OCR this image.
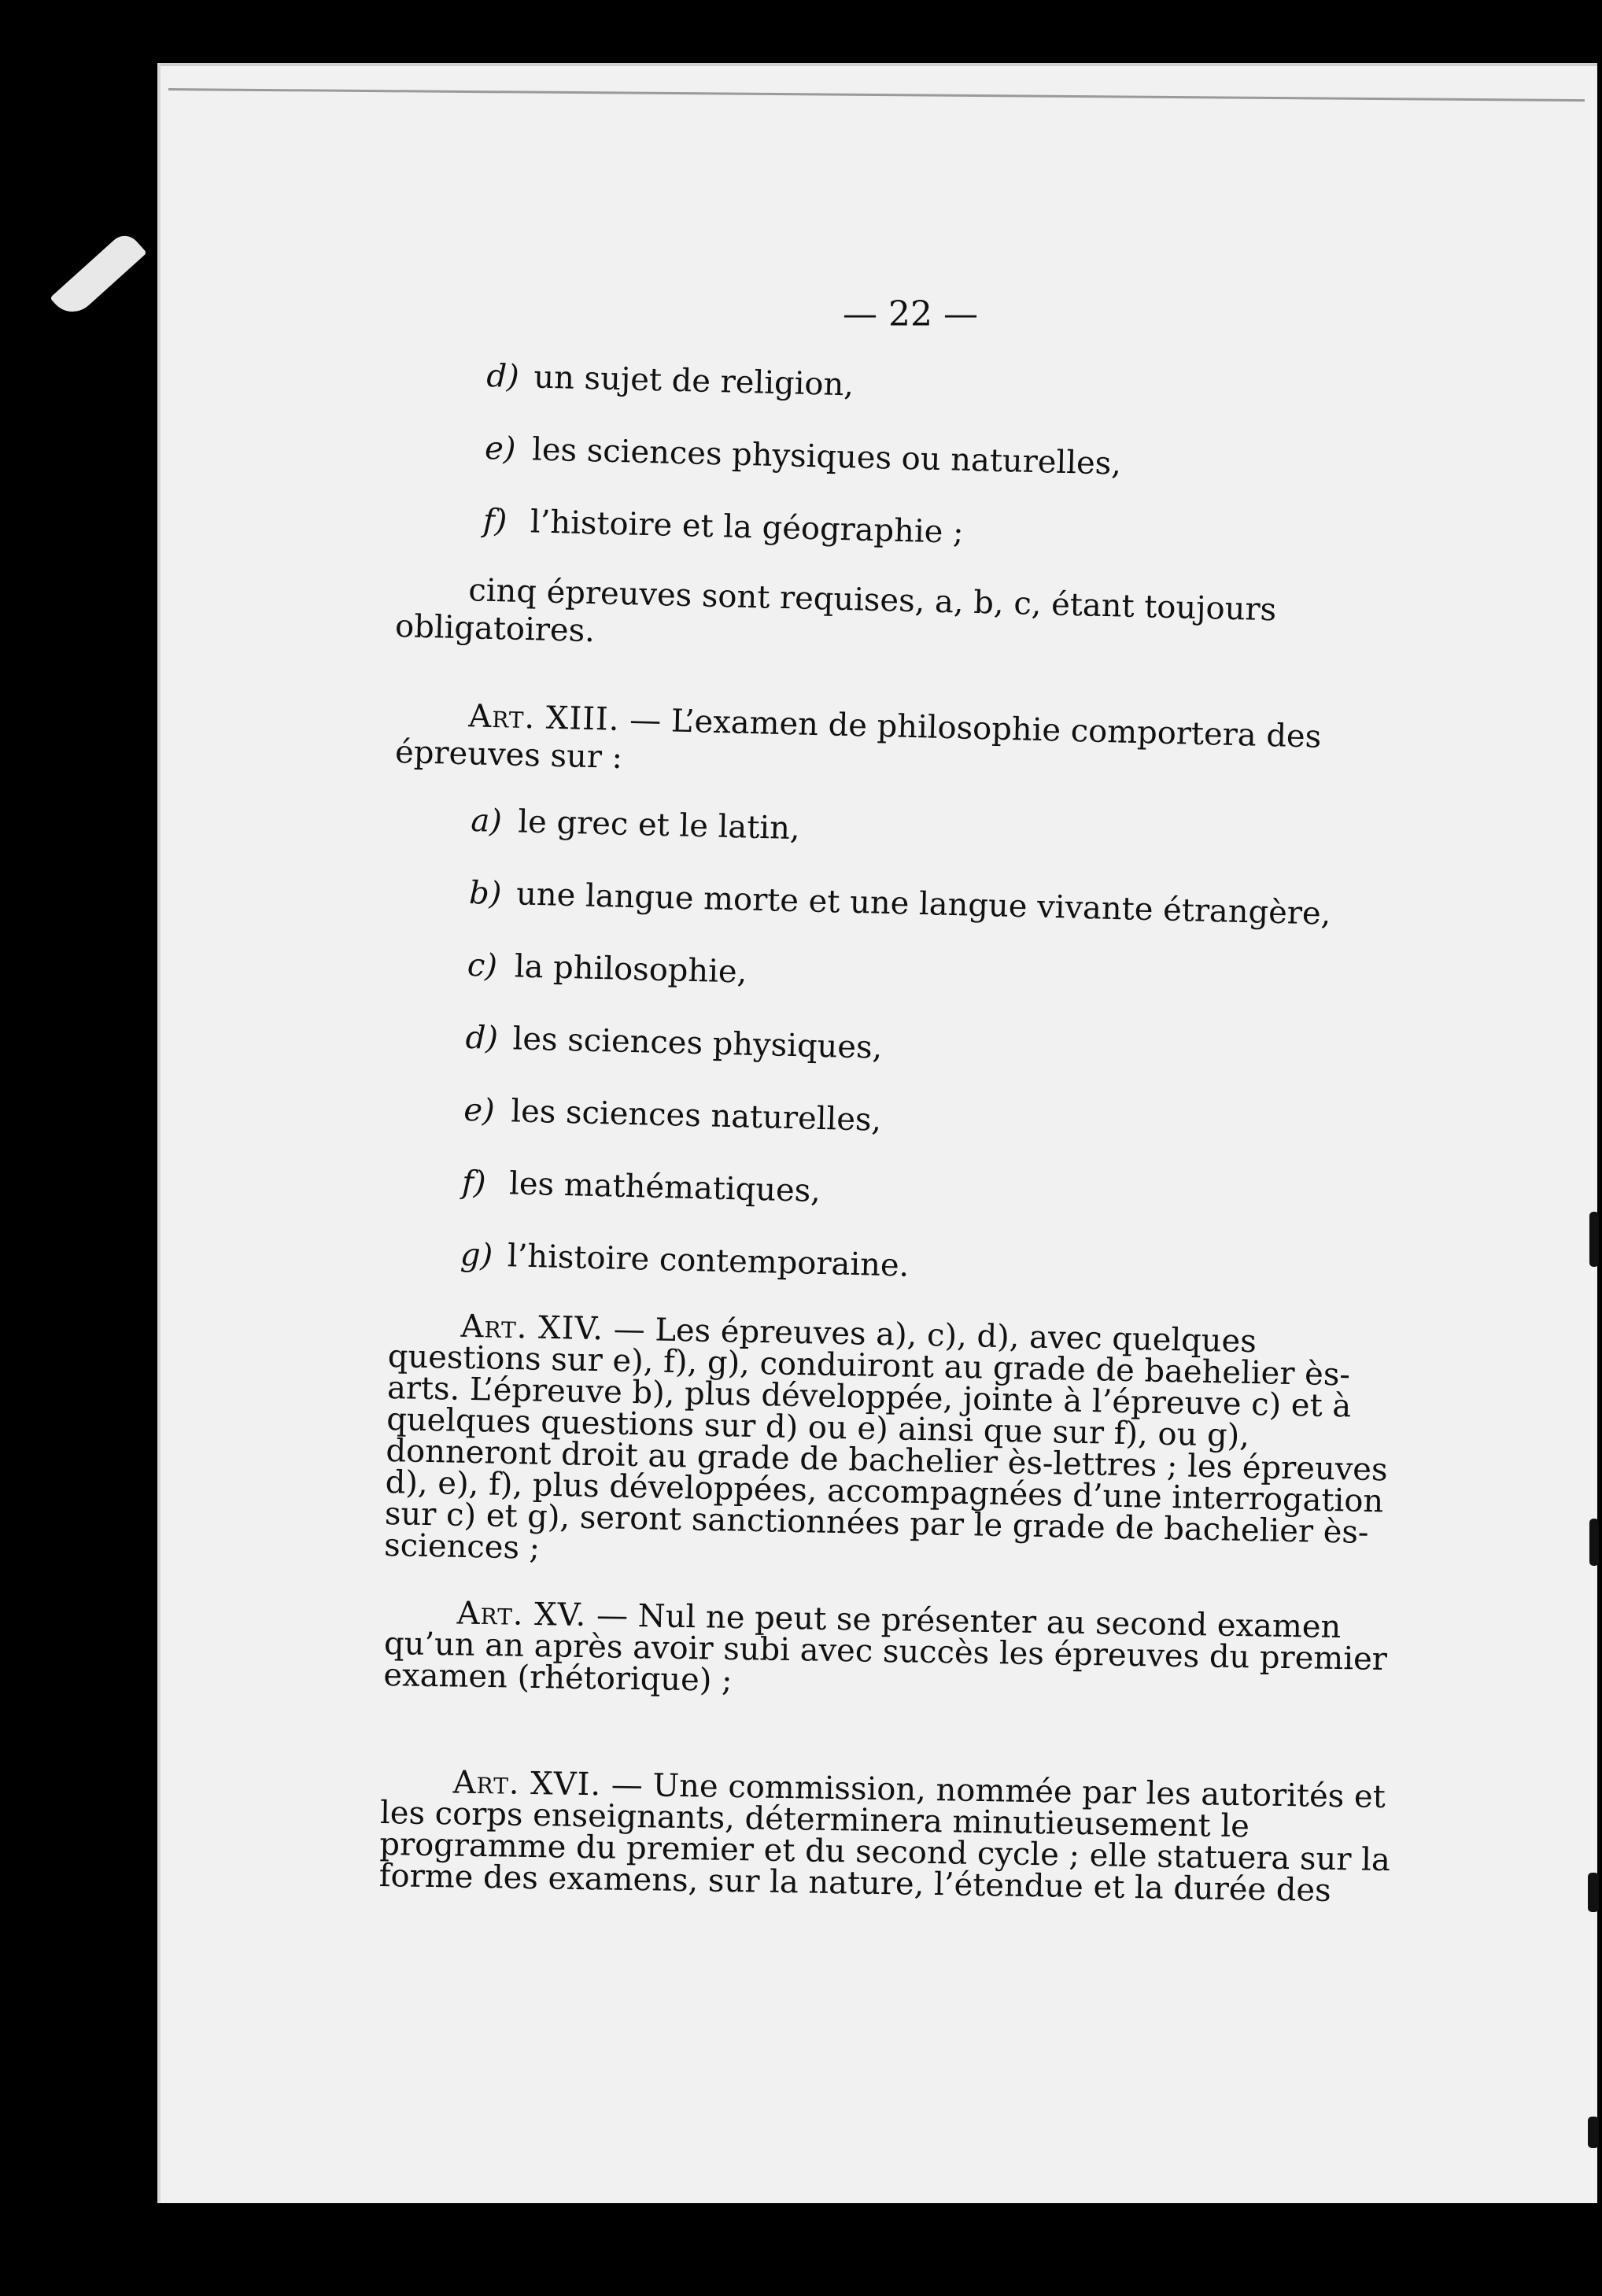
— 22 —
d) un sujet de religion,
e) les sciences physiques ou naturelles,
f) l’histoire et la géographie ;

cinq épreuves sont requises, a, b, c, étant toujours obligatoires.

Art. XIII. — L’examen de philosophie comportera des épreuves sur :

a) le grec et le latin,
b) une langue morte et une langue vivante étrangère,
c) la philosophie,
d) les sciences physiques,
e) les sciences naturelles,
f) les mathématiques,
g) l’histoire contemporaine.

Art. XIV. — Les épreuves a), c), d), avec quelques questions sur e), f), g), conduiront au grade de baehelier ès-arts. L’épreuve b), plus développée, jointe à l’épreuve c) et à quelques questions sur d) ou e) ainsi que sur f), ou g), donneront droit au grade de bachelier ès-lettres ; les épreuves d), e), f), plus développées, accompagnées d’une interrogation sur c) et g), seront sanctionnées par le grade de bachelier ès-sciences ;

Art. XV. — Nul ne peut se présenter au second examen qu’un an après avoir subi avec succès les épreuves du premier examen (rhétorique) ;

Art. XVI. — Une commission, nommée par les autorités et les corps enseignants, déterminera minutieusement le programme du premier et du second cycle ; elle statuera sur la forme des examens, sur la nature, l’étendue et la durée des
